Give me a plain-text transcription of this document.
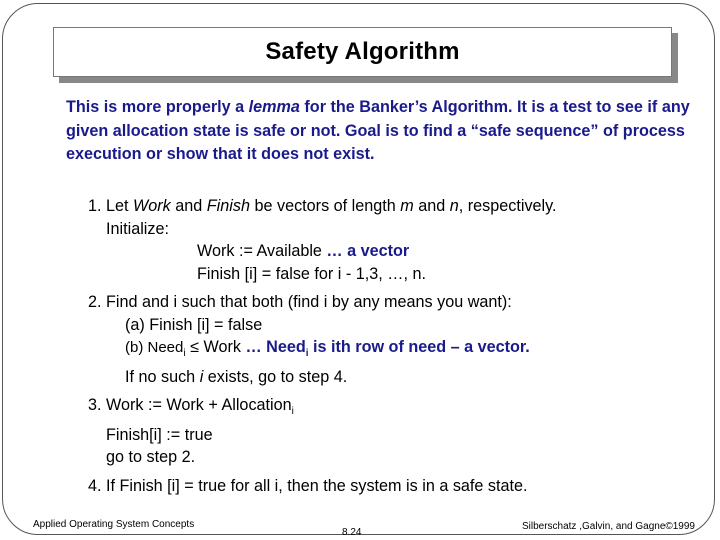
Safety Algorithm

This is more properly a lemma for the Banker’s Algorithm. It is a test to see if any given allocation state is safe or not. Goal is to find a “safe sequence” of process execution or show that it does not exist.

1. Let Work and Finish be vectors of length m and n, respectively.
Initialize:
Work := Available … a vector
Finish [i] = false for i - 1,3, …, n.
2. Find and i such that both (find i by any means you want):
(a) Finish [i] = false
(b) Need$_i$ ≤ Work … Need$_i$ is ith row of need – a vector.
If no such i exists, go to step 4.
3. Work := Work + Allocation$_i$
Finish[i] := true
go to step 2.
4. If Finish [i] = true for all i, then the system is in a safe state.
Applied Operating System Concepts
8.24
Silberschatz ,Galvin, and Gagne©1999
